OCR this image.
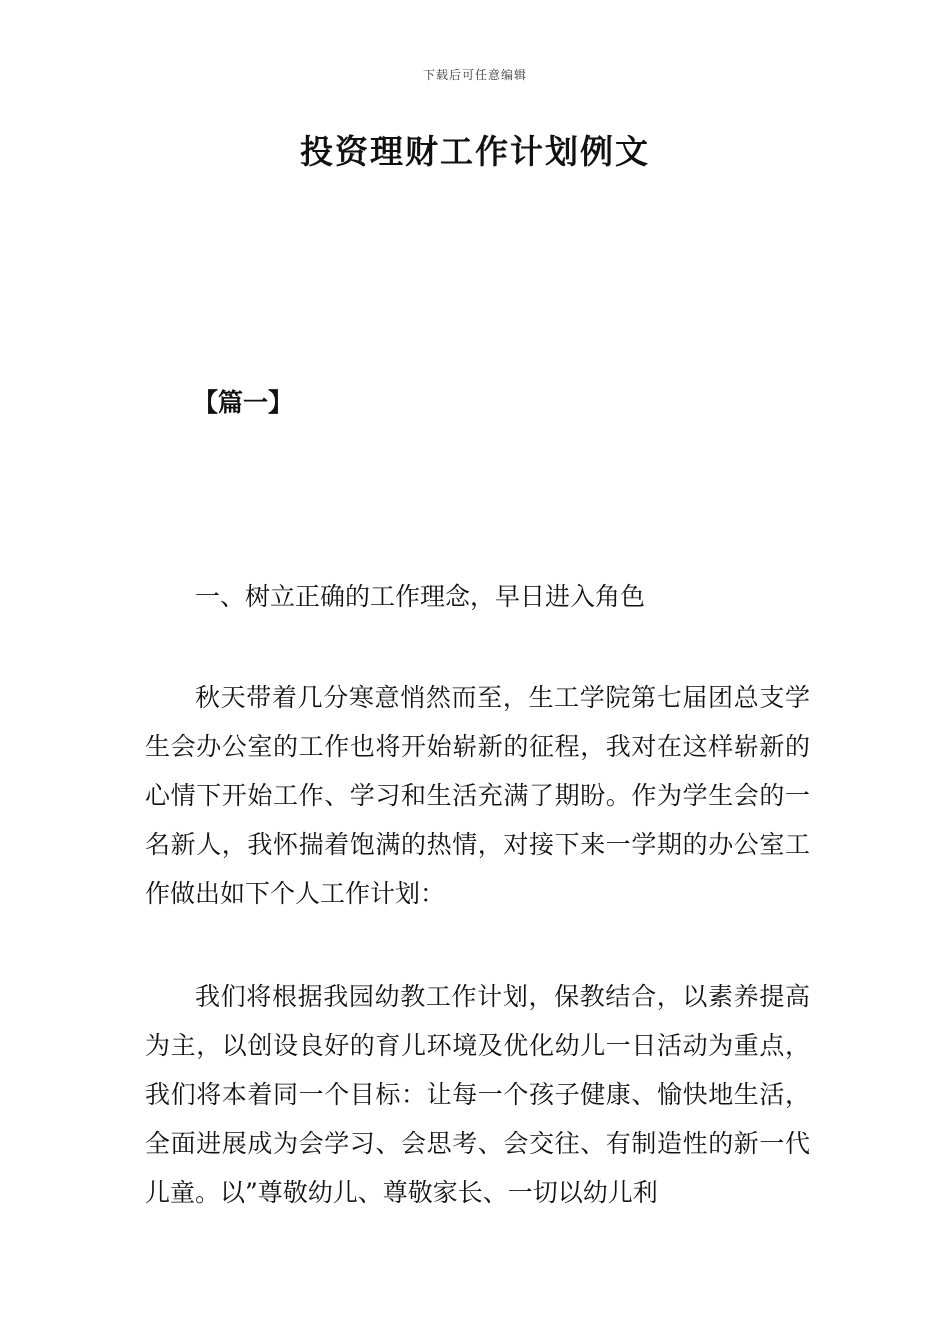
下载后可任意编辑
投资理财工作计划例文
【篇一】
一、树立正确的工作理念，早日进入角色

秋天带着几分寒意悄然而至，生工学院第七届团总支学生会办公室的工作也将开始崭新的征程，我对在这样崭新的心情下开始工作、学习和生活充满了期盼。作为学生会的一名新人，我怀揣着饱满的热情，对接下来一学期的办公室工作做出如下个人工作计划：

我们将根据我园幼教工作计划，保教结合，以素养提高为主，以创设良好的育儿环境及优化幼儿一日活动为重点，我们将本着同一个目标：让每一个孩子健康、愉快地生活，全面进展成为会学习、会思考、会交往、有制造性的新一代儿童。以”尊敬幼儿、尊敬家长、一切以幼儿利
